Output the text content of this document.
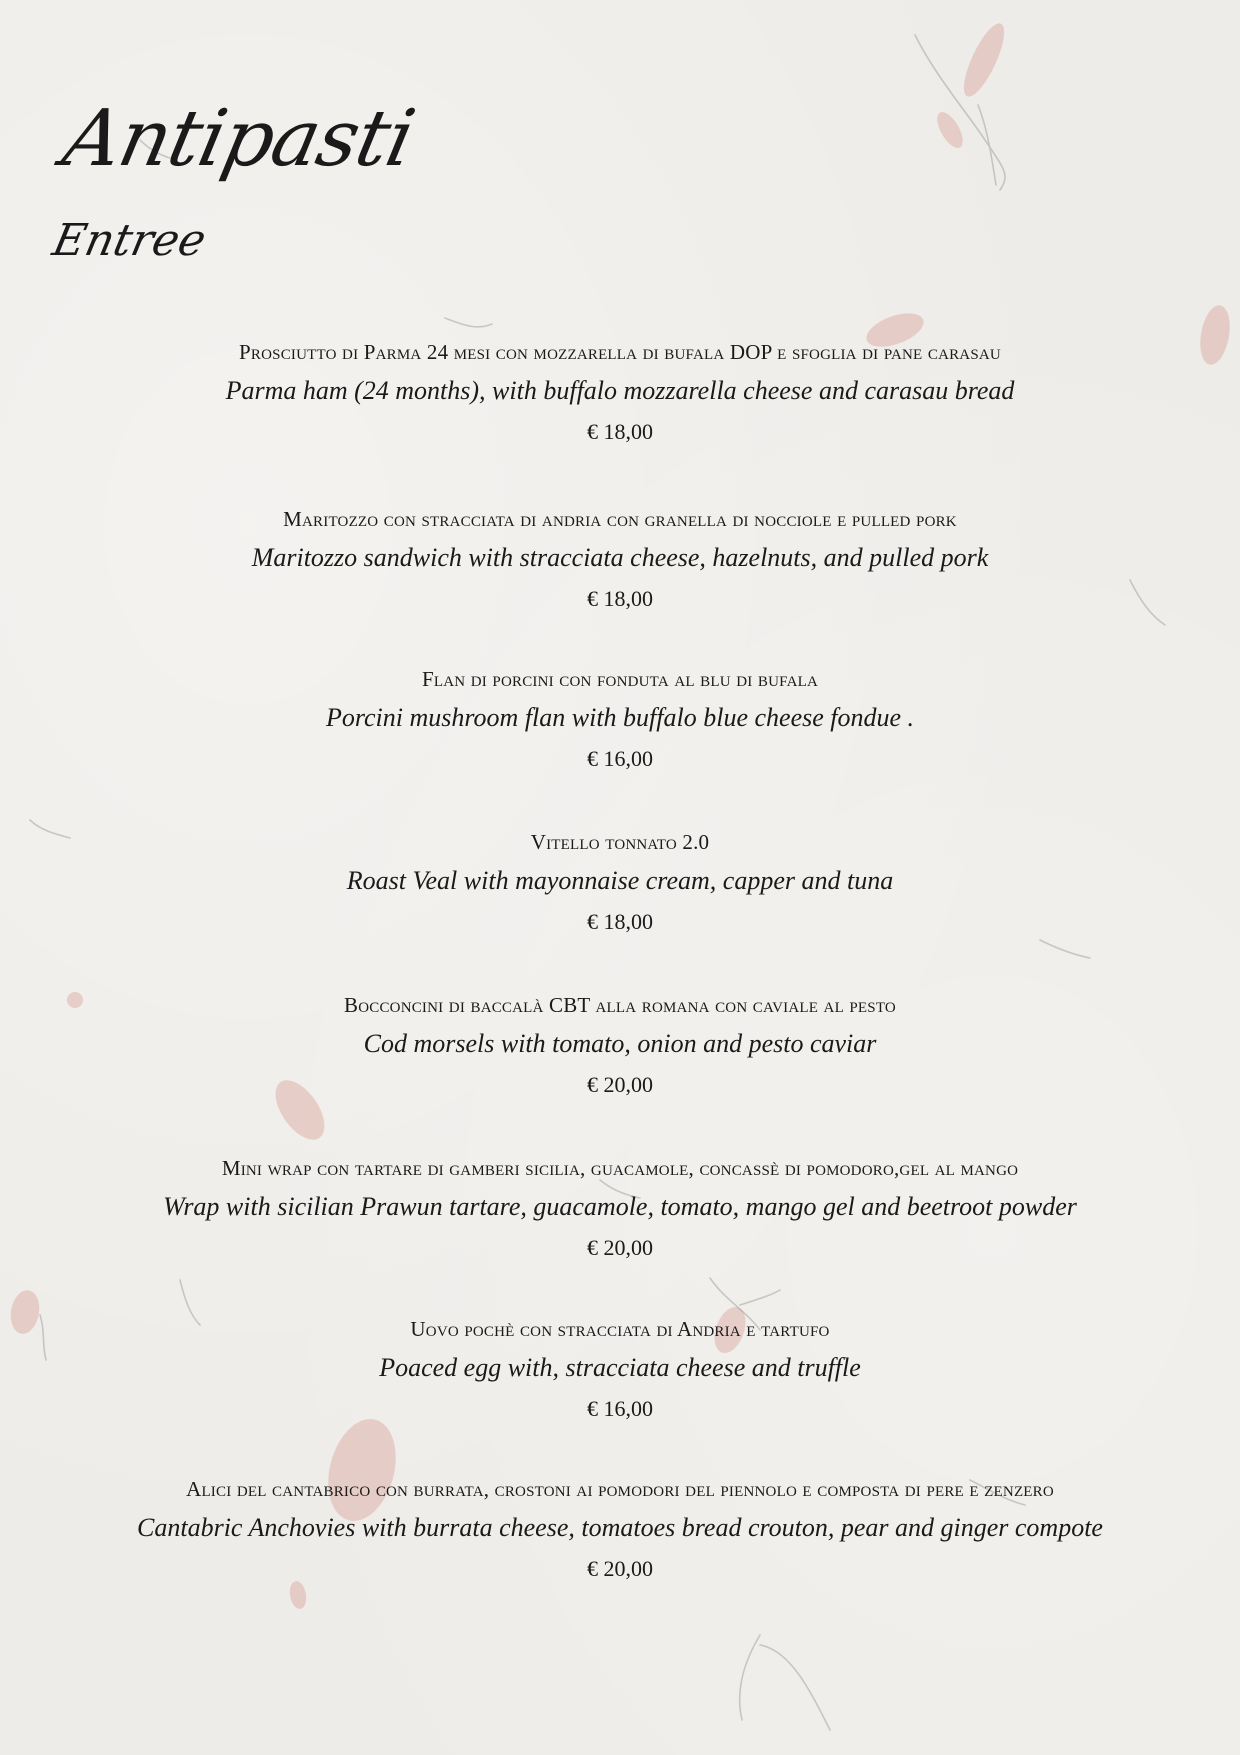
Antipasti
Entree
Prosciutto di Parma 24 mesi con mozzarella di bufala DOP e sfoglia di pane carasau
Parma ham (24 months), with buffalo mozzarella cheese and carasau bread
€ 18,00
Maritozzo con stracciata di andria con granella di nocciole e pulled pork
Maritozzo sandwich with stracciata cheese, hazelnuts, and pulled pork
€ 18,00
Flan di porcini con fonduta al blu di bufala
Porcini mushroom flan with buffalo blue cheese fondue .
€ 16,00
Vitello tonnato 2.0
Roast Veal with mayonnaise cream, capper and tuna
€ 18,00
Bocconcini di baccalà CBT alla romana con caviale al pesto
Cod morsels with tomato, onion and pesto caviar
€ 20,00
Mini wrap con tartare di gamberi sicilia, guacamole, concassè di pomodoro,gel al mango
Wrap with sicilian Prawun tartare, guacamole, tomato, mango gel and beetroot powder
€ 20,00
Uovo pochè con stracciata di Andria e tartufo
Poaced egg with, stracciata cheese and truffle
€ 16,00
Alici del cantabrico con burrata, crostoni ai pomodori del piennolo e composta di pere e zenzero
Cantabric Anchovies with burrata cheese, tomatoes bread crouton, pear and ginger compote
€ 20,00
